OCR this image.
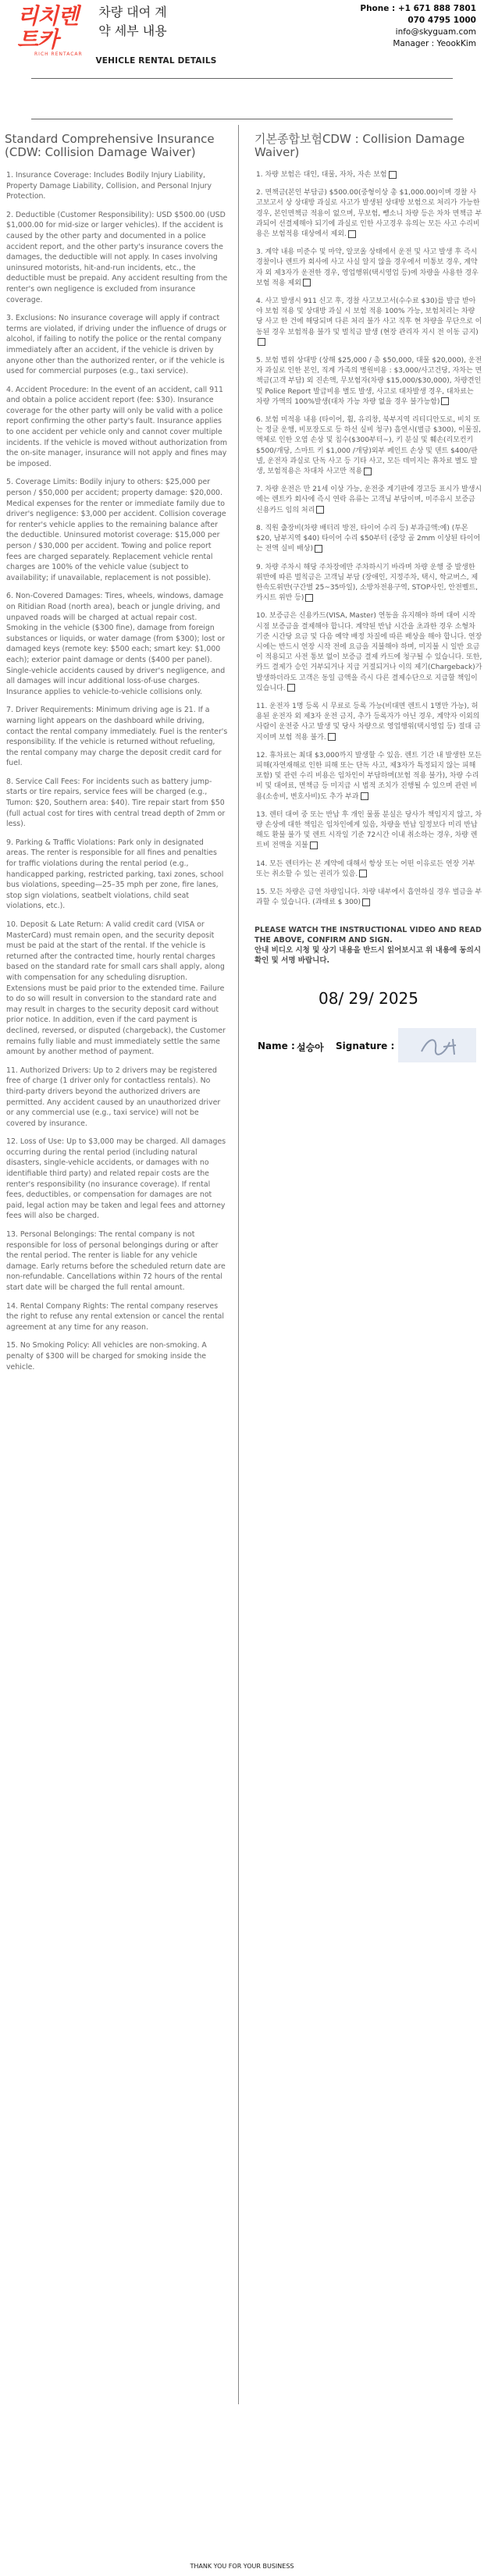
리치렌트카
RICH RENTACAR
차량 대여 계약 세부 내용
VEHICLE RENTAL DETAILS
Phone : +1 671 888 7801
070 4795 1000
info@skyguam.com
Manager : YeookKim
Standard Comprehensive Insurance (CDW: Collision Damage Waiver)
1. Insurance Coverage: Includes Bodily Injury Liability, Property Damage Liability, Collision, and Personal Injury Protection.
2. Deductible (Customer Responsibility): USD $500.00 (USD $1,000.00 for mid-size or larger vehicles). If the accident is caused by the other party and documented in a police accident report, and the other party's insurance covers the damages, the deductible will not apply. In cases involving uninsured motorists, hit-and-run incidents, etc., the deductible must be prepaid. Any accident resulting from the renter's own negligence is excluded from insurance coverage.
3. Exclusions: No insurance coverage will apply if contract terms are violated, if driving under the influence of drugs or alcohol, if failing to notify the police or the rental company immediately after an accident, if the vehicle is driven by anyone other than the authorized renter, or if the vehicle is used for commercial purposes (e.g., taxi service).
4. Accident Procedure: In the event of an accident, call 911 and obtain a police accident report (fee: $30). Insurance coverage for the other party will only be valid with a police report confirming the other party's fault. Insurance applies to one accident per vehicle only and cannot cover multiple incidents. If the vehicle is moved without authorization from the on-site manager, insurance will not apply and fines may be imposed.
5. Coverage Limits: Bodily injury to others: $25,000 per person / $50,000 per accident; property damage: $20,000. Medical expenses for the renter or immediate family due to driver's negligence: $3,000 per accident. Collision coverage for renter's vehicle applies to the remaining balance after the deductible. Uninsured motorist coverage: $15,000 per person / $30,000 per accident. Towing and police report fees are charged separately. Replacement vehicle rental charges are 100% of the vehicle value (subject to availability; if unavailable, replacement is not possible).
6. Non-Covered Damages: Tires, wheels, windows, damage on Ritidian Road (north area), beach or jungle driving, and unpaved roads will be charged at actual repair cost. Smoking in the vehicle ($300 fine), damage from foreign substances or liquids, or water damage (from $300); lost or damaged keys (remote key: $500 each; smart key: $1,000 each); exterior paint damage or dents ($400 per panel). Single-vehicle accidents caused by driver's negligence, and all damages will incur additional loss-of-use charges. Insurance applies to vehicle-to-vehicle collisions only.
7. Driver Requirements: Minimum driving age is 21. If a warning light appears on the dashboard while driving, contact the rental company immediately. Fuel is the renter's responsibility. If the vehicle is returned without refueling, the rental company may charge the deposit credit card for fuel.
8. Service Call Fees: For incidents such as battery jump-starts or tire repairs, service fees will be charged (e.g., Tumon: $20, Southern area: $40). Tire repair start from $50 (full actual cost for tires with central tread depth of 2mm or less).
9. Parking & Traffic Violations: Park only in designated areas. The renter is responsible for all fines and penalties for traffic violations during the rental period (e.g., handicapped parking, restricted parking, taxi zones, school bus violations, speeding—25–35 mph per zone, fire lanes, stop sign violations, seatbelt violations, child seat violations, etc.).
10. Deposit & Late Return: A valid credit card (VISA or MasterCard) must remain open, and the security deposit must be paid at the start of the rental. If the vehicle is returned after the contracted time, hourly rental charges based on the standard rate for small cars shall apply, along with compensation for any scheduling disruption. Extensions must be paid prior to the extended time. Failure to do so will result in conversion to the standard rate and may result in charges to the security deposit card without prior notice. In addition, even if the card payment is declined, reversed, or disputed (chargeback), the Customer remains fully liable and must immediately settle the same amount by another method of payment.
11. Authorized Drivers: Up to 2 drivers may be registered free of charge (1 driver only for contactless rentals). No third-party drivers beyond the authorized drivers are permitted. Any accident caused by an unauthorized driver or any commercial use (e.g., taxi service) will not be covered by insurance.
12. Loss of Use: Up to $3,000 may be charged. All damages occurring during the rental period (including natural disasters, single-vehicle accidents, or damages with no identifiable third party) and related repair costs are the renter's responsibility (no insurance coverage). If rental fees, deductibles, or compensation for damages are not paid, legal action may be taken and legal fees and attorney fees will also be charged.
13. Personal Belongings: The rental company is not responsible for loss of personal belongings during or after the rental period. The renter is liable for any vehicle damage. Early returns before the scheduled return date are non-refundable. Cancellations within 72 hours of the rental start date will be charged the full rental amount.
14. Rental Company Rights: The rental company reserves the right to refuse any rental extension or cancel the rental agreement at any time for any reason.
15. No Smoking Policy: All vehicles are non-smoking. A penalty of $300 will be charged for smoking inside the vehicle.
기본종합보험CDW : Collision Damage Waiver)
1. 차량 보험은 대인, 대물, 자차, 자손 보험
2. 면책금(본인 부담금) $500.00(중형이상 총 $1,000.00)이며 경찰 사고보고서 상 상대방 과실로 사고가 발생된 상대방 보험으로 처리가 가능한 경우, 본인면책금 적용이 없으며, 무보험, 뺑소니 차량 등은 차차 면책금 부과되어 선결제해야 되기에 과실로 인한 사고경우 유의는 모든 사고 수리비용은 보험적용 대상에서 제외.
3. 계약 내용 미준수 및 마약, 알코올 상태에서 운전 및 사고 발생 후 즉시 경찰이나 렌트카 회사에 사고 사실 알지 않을 경우에서 미통보 경우, 계약자 외 제3자가 운전한 경우, 영업행위(택시영업 등)에 차량을 사용한 경우 보험 적용 제외
4. 사고 발생시 911 신고 후, 경찰 사고보고서(수수료 $30)를 발급 받아야 보험 적용 및 상대방 과실 시 보험 적용 100% 가능, 보험처리는 차량 당 사고 한 건에 해당되며 다른 처리 불가 사고 직후 현 차량을 무단으로 이동된 경우 보험적용 불가 및 벌칙금 발생 (현장 관리자 지시 전 이동 금지)
5. 보험 범위 상대방 (상해 $25,000 / 총 $50,000, 대물 $20,000), 운전자 과실로 인한 본인, 직계 가족의 병원비용 : $3,000/사고건당, 자차는 면책금(고객 부담) 외 진손액, 무보험자(차량 $15,000/$30,000), 차량견인 및 Police Report 발급비용 별도 발생, 사고로 대차발생 경우, 대차료는 차량 가액의 100%발생(대차 가능 차량 없을 경우 불가능함)
6. 보험 미적용 내용 (타이어, 휠, 유리창, 북부지역 리티디안도로, 비치 또는 정글 운행, 비포장도로 등 하선 실비 청구) 흡연시(벌금 $300), 이물질, 액체로 인한 오염 손상 및 침수($300부터~), 키 분실 및 훼손(리모컨키 $500/개당, 스마트 키 $1,000 /개당)외부 페인트 손상 및 덴트 $400/판넬, 운전자 과실로 단독 사고 등 기타 사고, 모든 데미지는 휴차료 별도 발생, 보험적용은 차대차 사고만 적용
7. 차량 운전은 만 21세 이상 가능, 운전중 계기판에 경고등 표시가 발생시에는 렌트카 회사에 즉시 연락 유류는 고객님 부담이며, 미주유시 보증금 신용카드 임의 처리
8. 직원 출장비(차량 배터리 방전, 타이어 수리 등) 부과금액:예) (투몬 $20, 남부지역 $40) 타이어 수리 $50부터 (중앙 골 2mm 이상된 타이어는 전액 실비 배상)
9. 차량 주차시 해당 주차장에만 주차하시기 바라며 차량 운행 중 발생한 위반에 따른 벌칙금은 고객님 부담 (장애인, 지정주차, 택시, 학교버스, 제한속도위반(구간별 25~35마일), 소방차전용구역, STOP사인, 안전벨트, 카시트 위반 등)
10. 보증금은 신용카드(VISA, Master) 연동을 유지해야 하며 대여 시작 시점 보증금을 결제해야 합니다. 계약된 반납 시간을 초과한 경우 소형차 기준 시간당 요금 및 다음 예약 배정 차질에 따른 배상을 해야 합니다. 연장 시에는 반드시 연장 시작 전에 요금을 지불해야 하며, 미지불 시 일반 요금이 적용되고 사전 통보 없이 보증금 결제 카드에 청구될 수 있습니다. 또한, 카드 결제가 승인 거부되거나 지급 거절되거나 이의 제기(Chargeback)가 발생하더라도 고객은 동일 금액을 즉시 다른 결제수단으로 지급할 책임이 있습니다.
11. 운전자 1명 등록 시 무료로 등록 가능(비대면 렌트시 1명만 가능), 허용된 운전자 외 제3자 운전 금지, 추가 등록자가 아닌 경우, 계약자 이외의 사람이 운전중 사고 발생 및 당사 차량으로 영업행위(택시영업 등) 절대 금지이며 보험 적용 불가.
12. 휴차료는 최대 $3,000까지 발생할 수 있음. 렌트 기간 내 발생한 모든 피해(자연재해로 인한 피해 또는 단독 사고, 제3자가 특정되지 않는 피해 포함) 및 관련 수리 비용은 임차인이 부담하며(보험 적용 불가), 차량 수리비 및 대여료, 면책금 등 미지급 시 법적 조치가 진행될 수 있으며 관련 비용(소송비, 변호사비)도 추가 부과
13. 렌터 대여 중 또는 반납 후 개인 물품 분실은 당사가 책임지지 않고, 차량 손상에 대한 책임은 임차인에게 있음, 차량을 반납 일정보다 미리 반납해도 환불 불가 및 렌트 시작일 기준 72시간 이내 취소하는 경우, 차량 렌트비 전액을 지불
14. 모든 렌터카는 본 계약에 대해서 항상 또는 어떤 이유로든 연장 거부 또는 취소할 수 있는 권리가 있음.
15. 모든 차량은 금연 차량입니다. 차량 내부에서 흡연하실 경우 벌금을 부과할 수 있습니다. (과태료 $ 300)
PLEASE WATCH THE INSTRUCTIONAL VIDEO AND READ THE ABOVE, CONFIRM AND SIGN.
안내 비디오 시청 및 상기 내용을 반드시 읽어보시고 위 내용에 동의시 확인 및 서명 바랍니다.
08/ 29/ 2025
Name : 설승아 Signature :
THANK YOU FOR YOUR BUSINESS
